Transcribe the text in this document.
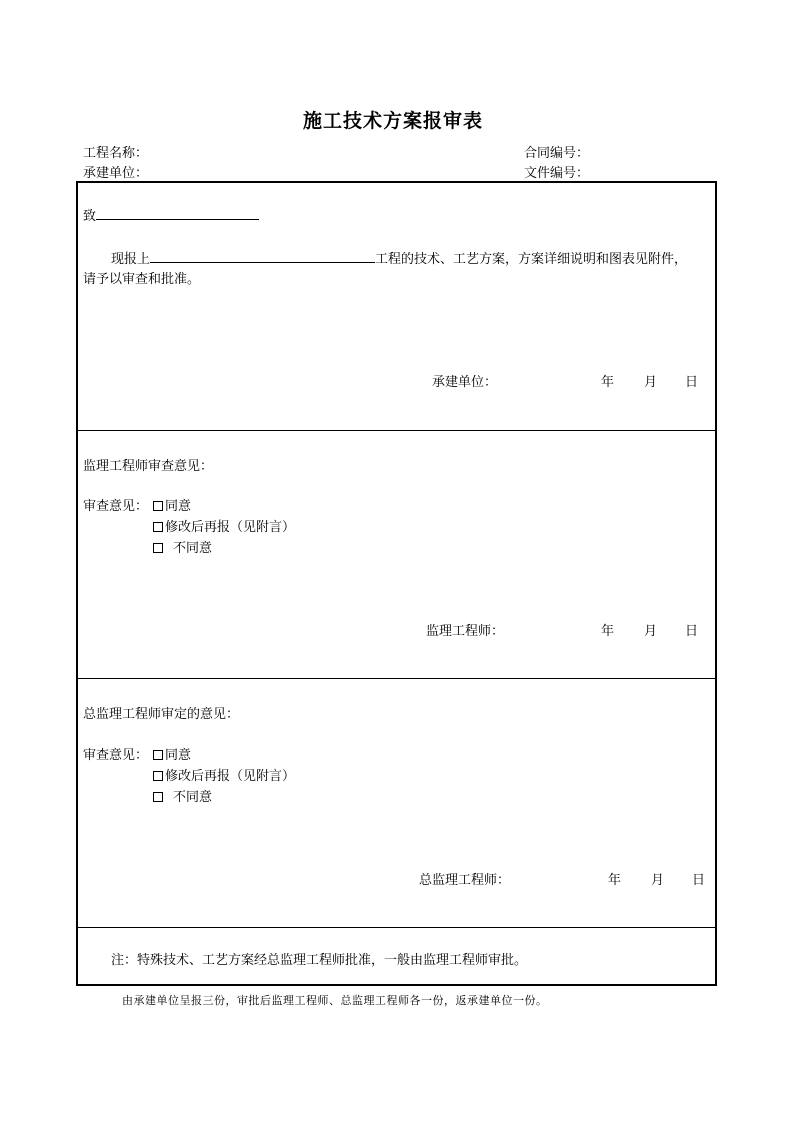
施工技术方案报审表
工程名称：	合同编号：
承建单位：	文件编号：
致
现报上	工程的技术、工艺方案，方案详细说明和图表见附件，
请予以审查和批准。
承建单位：	年 月 日
监理工程师审查意见：
审查意见：	同意
修改后再报（见附言）
不同意
监理工程师：	年 月 日
总监理工程师审定的意见：
审查意见：	同意
修改后再报（见附言）
不同意
总监理工程师：	年 月 日
注：特殊技术、工艺方案经总监理工程师批准，一般由监理工程师审批。
由承建单位呈报三份，审批后监理工程师、总监理工程师各一份，返承建单位一份。
